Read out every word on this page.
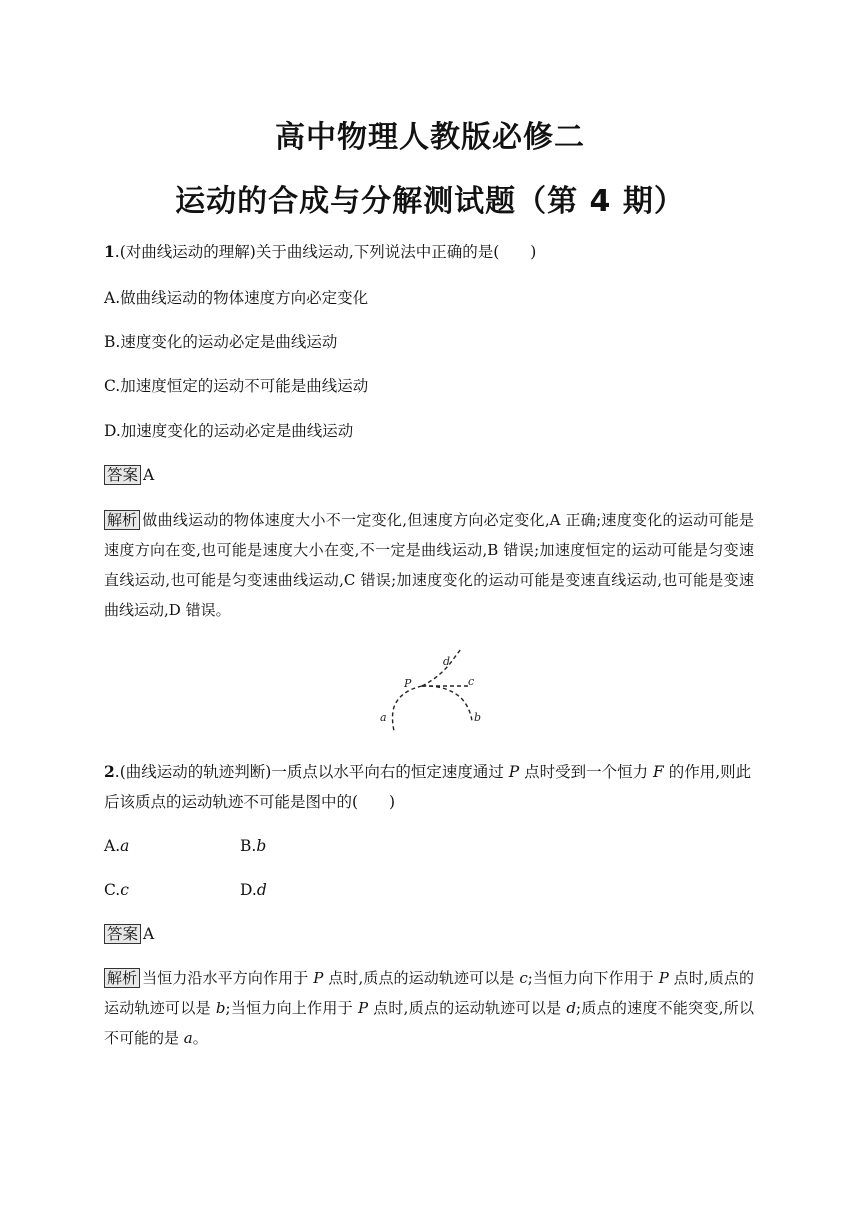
高中物理人教版必修二
运动的合成与分解测试题（第 4 期）
1.(对曲线运动的理解)关于曲线运动,下列说法中正确的是(　　)
A.做曲线运动的物体速度方向必定变化
B.速度变化的运动必定是曲线运动
C.加速度恒定的运动不可能是曲线运动
D.加速度变化的运动必定是曲线运动
答案 A
解析 做曲线运动的物体速度大小不一定变化,但速度方向必定变化,A 正确;速度变化的运动可能是速度方向在变,也可能是速度大小在变,不一定是曲线运动,B 错误;加速度恒定的运动可能是匀变速直线运动,也可能是匀变速曲线运动,C 错误;加速度变化的运动可能是变速直线运动,也可能是变速曲线运动,D 错误。
P
a	b
c
d
2.(曲线运动的轨迹判断)一质点以水平向右的恒定速度通过 P 点时受到一个恒力 F 的作用,则此
后该质点的运动轨迹不可能是图中的(　　)
A.a	B.b
C.c	D.d
答案 A
解析 当恒力沿水平方向作用于 P 点时,质点的运动轨迹可以是 c;当恒力向下作用于 P 点时,质点的运动轨迹可以是 b;当恒力向上作用于 P 点时,质点的运动轨迹可以是 d;质点的速度不能突变,所以不可能的是 a。
